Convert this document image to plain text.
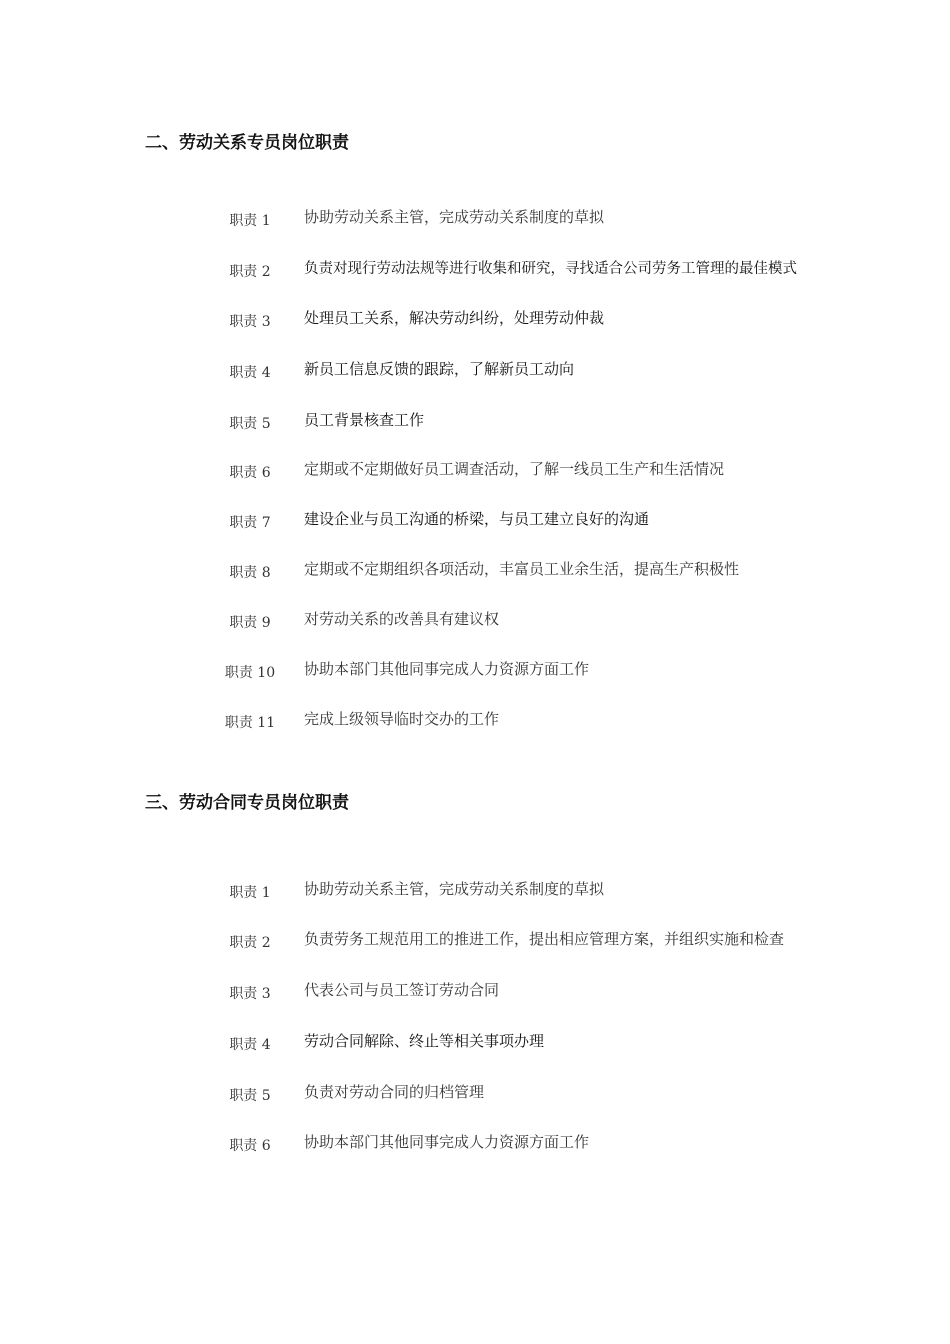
二、劳动关系专员岗位职责
职责 1	协助劳动关系主管，完成劳动关系制度的草拟
职责 2	负责对现行劳动法规等进行收集和研究，寻找适合公司劳务工管理的最佳模式
职责 3	处理员工关系，解决劳动纠纷，处理劳动仲裁
职责 4	新员工信息反馈的跟踪，了解新员工动向
职责 5	员工背景核查工作
职责 6	定期或不定期做好员工调查活动，了解一线员工生产和生活情况
职责 7	建设企业与员工沟通的桥梁，与员工建立良好的沟通
职责 8	定期或不定期组织各项活动，丰富员工业余生活，提高生产积极性
职责 9	对劳动关系的改善具有建议权
职责 10	协助本部门其他同事完成人力资源方面工作
职责 11	完成上级领导临时交办的工作
三、劳动合同专员岗位职责
职责 1	协助劳动关系主管，完成劳动关系制度的草拟
职责 2	负责劳务工规范用工的推进工作，提出相应管理方案，并组织实施和检查
职责 3	代表公司与员工签订劳动合同
职责 4	劳动合同解除、终止等相关事项办理
职责 5	负责对劳动合同的归档管理
职责 6	协助本部门其他同事完成人力资源方面工作
